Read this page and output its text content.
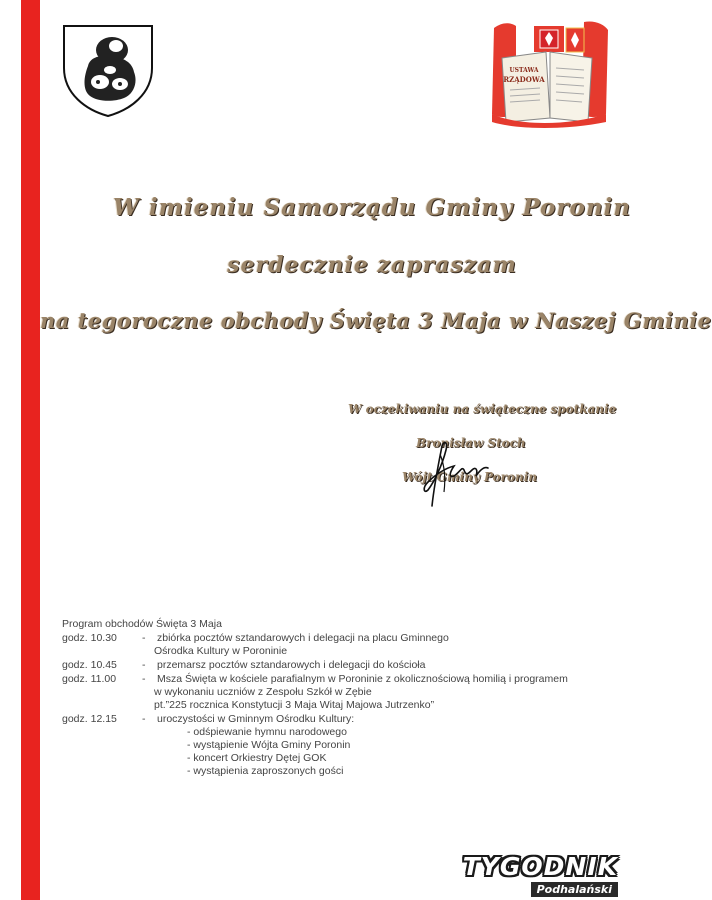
USTAWA
RZĄDOWA
W imieniu Samorządu Gminy Poronin
serdecznie zapraszam
na tegoroczne obchody Święta 3 Maja w Naszej Gminie
W oczekiwaniu na świąteczne spotkanie
Bronisław Stoch
Wójt Gminy Poronin
Program obchodów Święta 3 Maja
godz. 10.30	- zbiórka pocztów sztandarowych i delegacji na placu Gminnego
Ośrodka Kultury w Poroninie
godz. 10.45	- przemarsz pocztów sztandarowych i delegacji do kościoła
godz. 11.00	- Msza Święta w kościele parafialnym w Poroninie z okolicznościową homilią i programem
w wykonaniu uczniów z Zespołu Szkół w Zębie
pt.”225 rocznica Konstytucji 3 Maja Witaj Majowa Jutrzenko”
godz. 12.15	- uroczystości w Gminnym Ośrodku Kultury:
- odśpiewanie hymnu narodowego
- wystąpienie Wójta Gminy Poronin
- koncert Orkiestry Dętej GOK
- wystąpienia zaproszonych gości
TYGODNIK
Podhalański
